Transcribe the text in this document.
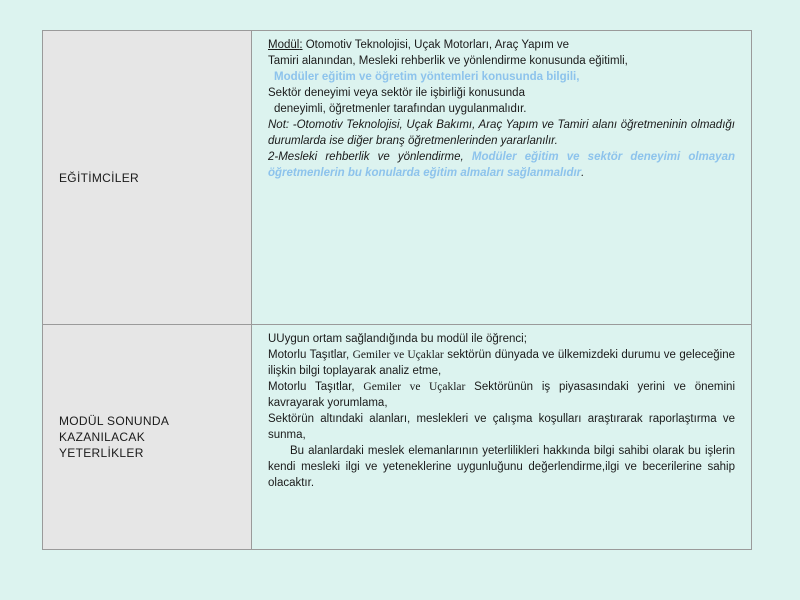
EĞİTİMCİLER

Modül: Otomotiv Teknolojisi, Uçak Motorları, Araç Yapım ve

Tamiri alanından, Mesleki rehberlik ve yönlendirme konusunda eğitimli,

Modüler eğitim ve öğretim yöntemleri konusunda bilgili,

Sektör deneyimi veya sektör ile işbirliği konusunda

deneyimli, öğretmenler tarafından uygulanmalıdır.

Not: -Otomotiv Teknolojisi, Uçak Bakımı, Araç Yapım ve Tamiri alanı öğretmeninin olmadığı durumlarda ise diğer branş öğretmenlerinden yararlanılır.

2-Mesleki rehberlik ve yönlendirme, Modüler eğitim ve sektör deneyimi olmayan öğretmenlerin bu konularda eğitim almaları sağlanmalıdır.

MODÜL SONUNDA
KAZANILACAK
YETERLİKLER

UUygun ortam sağlandığında bu modül ile öğrenci;

Motorlu Taşıtlar, Gemiler ve Uçaklar sektörün dünyada ve ülkemizdeki durumu ve geleceğine ilişkin bilgi toplayarak analiz etme,

Motorlu Taşıtlar, Gemiler ve Uçaklar Sektörünün iş piyasasındaki yerini ve önemini kavrayarak yorumlama,

Sektörün altındaki alanları, meslekleri ve çalışma koşulları araştırarak raporlaştırma ve sunma,

Bu alanlardaki meslek elemanlarının yeterlilikleri hakkında bilgi sahibi olarak bu işlerin kendi mesleki ilgi ve yeteneklerine uygunluğunu değerlendirme,ilgi ve becerilerine sahip olacaktır.
